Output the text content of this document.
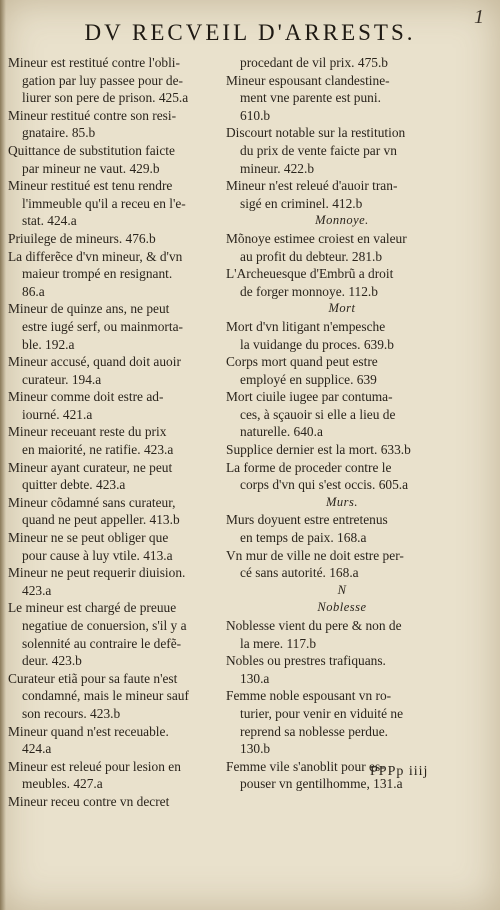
DV RECVEIL D'ARRESTS.
1

Mineur est restitué contre l'obli-

gation par luy passee pour de-

liurer son pere de prison. 425.a

Mineur restitué contre son resi-

gnataire. 85.b

Quittance de substitution faicte

par mineur ne vaut. 429.b

Mineur restitué est tenu rendre

l'immeuble qu'il a receu en l'e-

stat. 424.a

Priuilege de mineurs. 476.b

La differẽce d'vn mineur, & d'vn

maieur trompé en resignant.

86.a

Mineur de quinze ans, ne peut

estre iugé serf, ou mainmorta-

ble. 192.a

Mineur accusé, quand doit auoir

curateur. 194.a

Mineur comme doit estre ad-

iourné. 421.a

Mineur receuant reste du prix

en maiorité, ne ratifie. 423.a

Mineur ayant curateur, ne peut

quitter debte. 423.a

Mineur cõdamné sans curateur,

quand ne peut appeller. 413.b

Mineur ne se peut obliger que

pour cause à luy vtile. 413.a

Mineur ne peut requerir diuision.

423.a

Le mineur est chargé de preuue

negatiue de conuersion, s'il y a

solennité au contraire le defẽ-

deur. 423.b

Curateur etiã pour sa faute n'est

condamné, mais le mineur sauf

son recours. 423.b

Mineur quand n'est receuable.

424.a

Mineur est releué pour lesion en

meubles. 427.a

Mineur receu contre vn decret

procedant de vil prix. 475.b

Mineur espousant clandestine-

ment vne parente est puni.

610.b

Discourt notable sur la restitution

du prix de vente faicte par vn

mineur. 422.b

Mineur n'est releué d'auoir tran-

sigé en criminel. 412.b

Monnoye.

Mõnoye estimee croiest en valeur

au profit du debteur. 281.b

L'Archeuesque d'Embrũ a droit

de forger monnoye. 112.b

Mort

Mort d'vn litigant n'empesche

la vuidange du proces. 639.b

Corps mort quand peut estre

employé en supplice. 639

Mort ciuile iugee par contuma-

ces, à sçauoir si elle a lieu de

naturelle. 640.a

Supplice dernier est la mort. 633.b

La forme de proceder contre le

corps d'vn qui s'est occis. 605.a

Murs.

Murs doyuent estre entretenus

en temps de paix. 168.a

Vn mur de ville ne doit estre per-

cé sans autorité. 168.a

N

Noblesse

Noblesse vient du pere & non de

la mere. 117.b

Nobles ou prestres trafiquans.

130.a

Femme noble espousant vn ro-

turier, pour venir en viduité ne

reprend sa noblesse perdue.

130.b

Femme vile s'anoblit pour es-

pouser vn gentilhomme, 131.a

PPPp iiij
